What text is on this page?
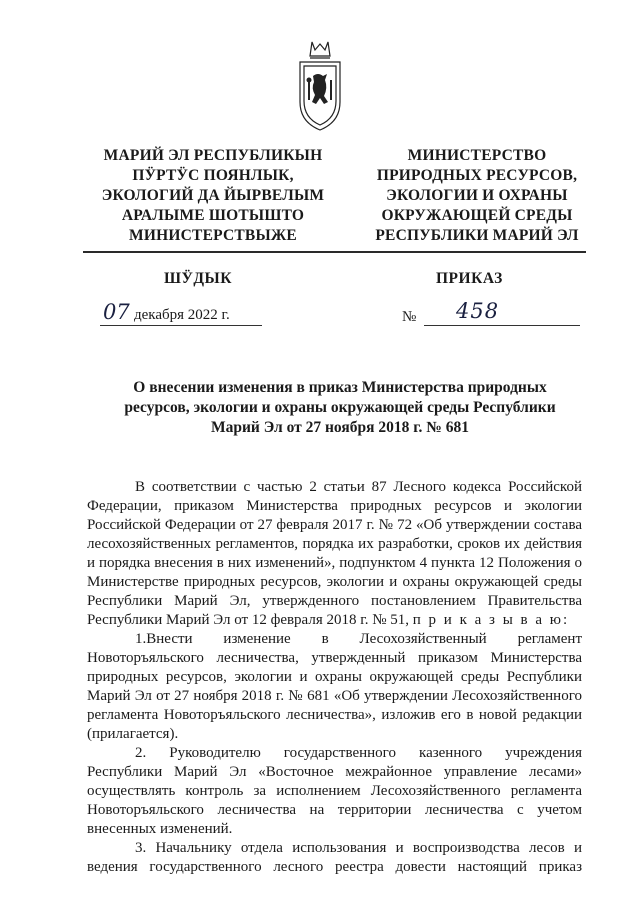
МАРИЙ ЭЛ РЕСПУБЛИКЫН
ПӰРТӰС ПОЯНЛЫК,
ЭКОЛОГИЙ ДА ЙЫРВЕЛЫМ
АРАЛЫМЕ ШОТЫШТО
МИНИСТЕРСТВЫЖЕ
МИНИСТЕРСТВО
ПРИРОДНЫХ РЕСУРСОВ,
ЭКОЛОГИИ И ОХРАНЫ
ОКРУЖАЮЩЕЙ СРЕДЫ
РЕСПУБЛИКИ МАРИЙ ЭЛ
ШӰДЫК	ПРИКАЗ
07 декабря 2022 г.	№ 458
О внесении изменения в приказ Министерства природных
ресурсов, экологии и охраны окружающей среды Республики
Марий Эл от 27 ноября 2018 г. № 681

В соответствии с частью 2 статьи 87 Лесного кодекса Российской Федерации, приказом Министерства природных ресурсов и экологии Российской Федерации от 27 февраля 2017 г. № 72 «Об утверждении состава лесохозяйственных регламентов, порядка их разработки, сроков их действия и порядка внесения в них изменений», подпунктом 4 пункта 12 Положения о Министерстве природных ресурсов, экологии и охраны окружающей среды Республики Марий Эл, утвержденного постановлением Правительства Республики Марий Эл от 12 февраля 2018 г. № 51, п р и к а з ы в а ю:

1.Внести изменение в Лесохозяйственный регламент Новоторъяльского лесничества, утвержденный приказом Министерства природных ресурсов, экологии и охраны окружающей среды Республики Марий Эл от 27 ноября 2018 г. № 681 «Об утверждении Лесохозяйственного регламента Новоторъяльского лесничества», изложив его в новой редакции (прилагается).

2. Руководителю государственного казенного учреждения Республики Марий Эл «Восточное межрайонное управление лесами» осуществлять контроль за исполнением Лесохозяйственного регламента Новоторъяльского лесничества на территории лесничества с учетом внесенных изменений.

3. Начальнику отдела использования и воспроизводства лесов и ведения государственного лесного реестра довести настоящий приказ
